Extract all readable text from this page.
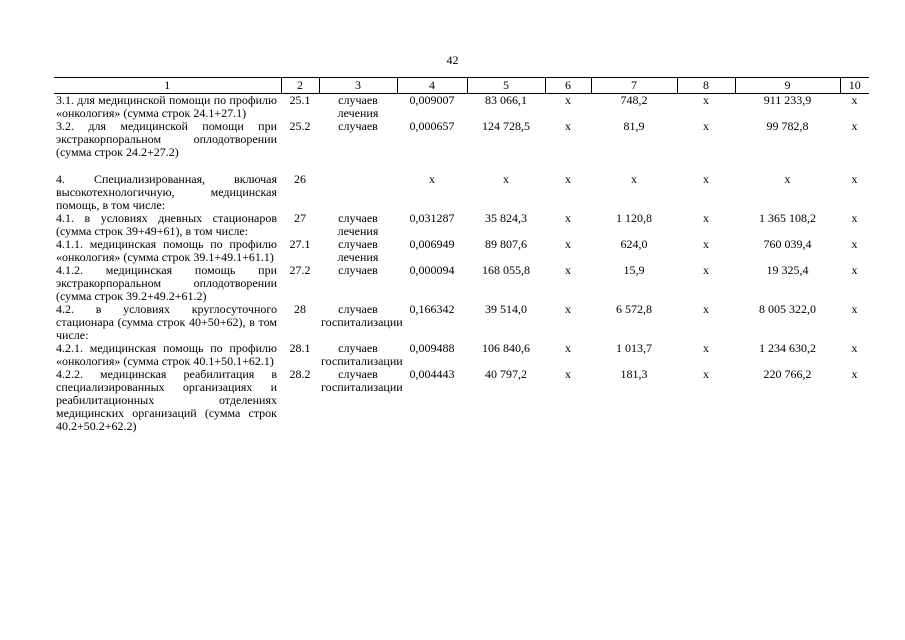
42
1	2	3	4	5	6	7	8	9	10
3.1. для медицинской помощи по профилю «онкология» (сумма строк 24.1+27.1)	25.1	случаев лечения	0,009007	83 066,1	х	748,2	х	911 233,9	х
3.2. для медицинской помощи при экстракорпоральном оплодотворении (сумма строк 24.2+27.2)	25.2	случаев	0,000657	124 728,5	х	81,9	х	99 782,8	х

4. Специализированная, включая высокотехнологичную, медицинская помощь, в том числе:	26		х	х	х	х	х	х	х
4.1. в условиях дневных стационаров (сумма строк 39+49+61), в том числе:	27	случаев лечения	0,031287	35 824,3	х	1 120,8	х	1 365 108,2	х
4.1.1. медицинская помощь по профилю «онкология» (сумма строк 39.1+49.1+61.1)	27.1	случаев лечения	0,006949	89 807,6	х	624,0	х	760 039,4	х
4.1.2. медицинская помощь при экстракорпоральном оплодотворении (сумма строк 39.2+49.2+61.2)	27.2	случаев	0,000094	168 055,8	х	15,9	х	19 325,4	х
4.2. в условиях круглосуточного стационара (сумма строк 40+50+62), в том числе:	28	случаев госпитализации	0,166342	39 514,0	х	6 572,8	х	8 005 322,0	х
4.2.1. медицинская помощь по профилю «онкология» (сумма строк 40.1+50.1+62.1)	28.1	случаев госпитализации	0,009488	106 840,6	х	1 013,7	х	1 234 630,2	х
4.2.2. медицинская реабилитация в специализированных организациях и реабилитационных отделениях медицинских организаций (сумма строк 40.2+50.2+62.2)	28.2	случаев госпитализации	0,004443	40 797,2	х	181,3	х	220 766,2	х
